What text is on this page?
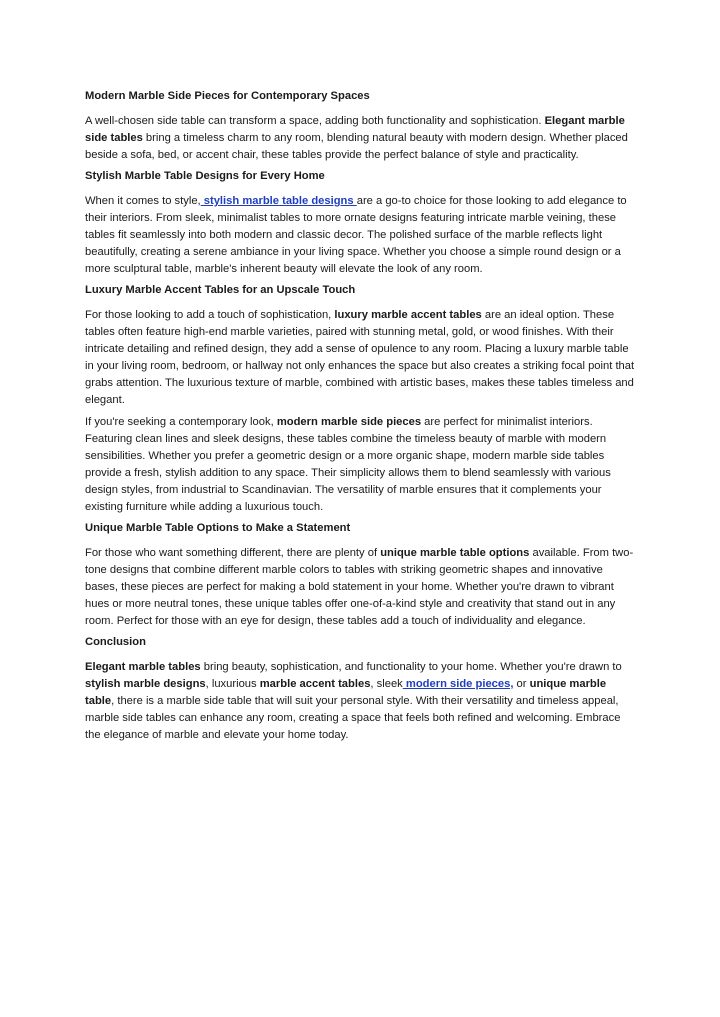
Modern Marble Side Pieces for Contemporary Spaces

A well-chosen side table can transform a space, adding both functionality and sophistication. Elegant marble side tables bring a timeless charm to any room, blending natural beauty with modern design. Whether placed beside a sofa, bed, or accent chair, these tables provide the perfect balance of style and practicality.

Stylish Marble Table Designs for Every Home

When it comes to style, stylish marble table designs are a go-to choice for those looking to add elegance to their interiors. From sleek, minimalist tables to more ornate designs featuring intricate marble veining, these tables fit seamlessly into both modern and classic decor. The polished surface of the marble reflects light beautifully, creating a serene ambiance in your living space. Whether you choose a simple round design or a more sculptural table, marble's inherent beauty will elevate the look of any room.

Luxury Marble Accent Tables for an Upscale Touch

For those looking to add a touch of sophistication, luxury marble accent tables are an ideal option. These tables often feature high-end marble varieties, paired with stunning metal, gold, or wood finishes. With their intricate detailing and refined design, they add a sense of opulence to any room. Placing a luxury marble table in your living room, bedroom, or hallway not only enhances the space but also creates a striking focal point that grabs attention. The luxurious texture of marble, combined with artistic bases, makes these tables timeless and elegant.

If you're seeking a contemporary look, modern marble side pieces are perfect for minimalist interiors. Featuring clean lines and sleek designs, these tables combine the timeless beauty of marble with modern sensibilities. Whether you prefer a geometric design or a more organic shape, modern marble side tables provide a fresh, stylish addition to any space. Their simplicity allows them to blend seamlessly with various design styles, from industrial to Scandinavian. The versatility of marble ensures that it complements your existing furniture while adding a luxurious touch.

Unique Marble Table Options to Make a Statement

For those who want something different, there are plenty of unique marble table options available. From two-tone designs that combine different marble colors to tables with striking geometric shapes and innovative bases, these pieces are perfect for making a bold statement in your home. Whether you're drawn to vibrant hues or more neutral tones, these unique tables offer one-of-a-kind style and creativity that stand out in any room. Perfect for those with an eye for design, these tables add a touch of individuality and elegance.

Conclusion

Elegant marble tables bring beauty, sophistication, and functionality to your home. Whether you're drawn to stylish marble designs, luxurious marble accent tables, sleek modern side pieces, or unique marble table, there is a marble side table that will suit your personal style. With their versatility and timeless appeal, marble side tables can enhance any room, creating a space that feels both refined and welcoming. Embrace the elegance of marble and elevate your home today.
